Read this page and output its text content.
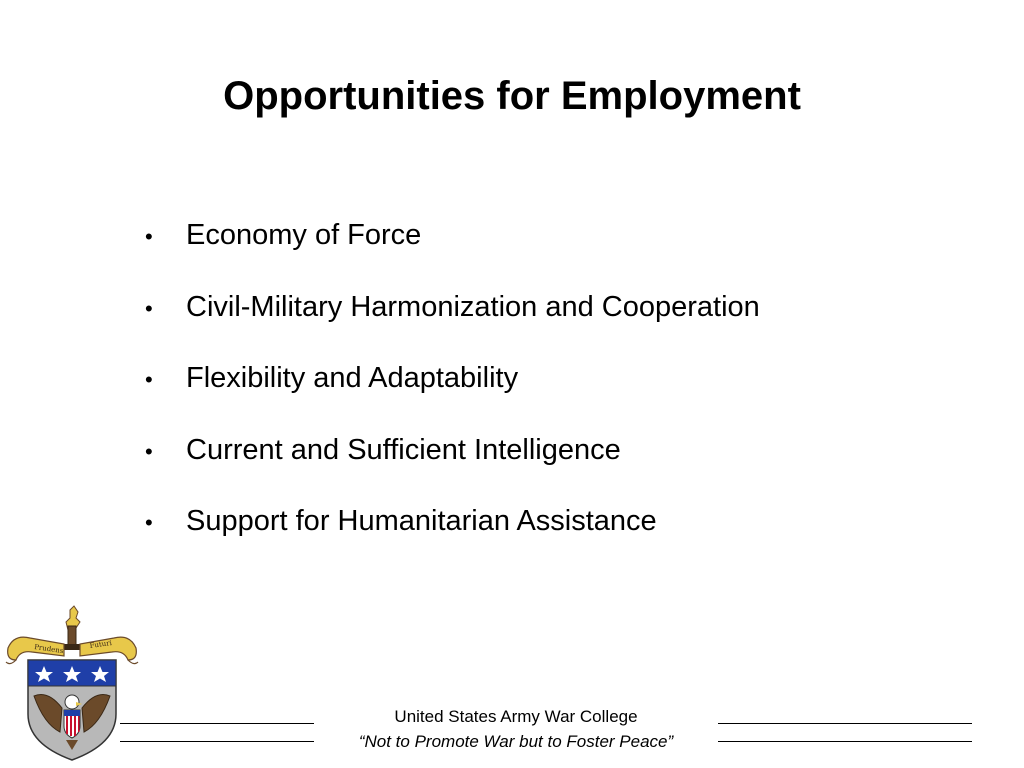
Opportunities for Employment
•	Economy of Force
•	Civil-Military Harmonization and Cooperation
•	Flexibility and Adaptability
•	Current and Sufficient Intelligence
•	Support for Humanitarian Assistance
Prudens	Futuri
United States Army War College
“Not to Promote War but to Foster Peace”
